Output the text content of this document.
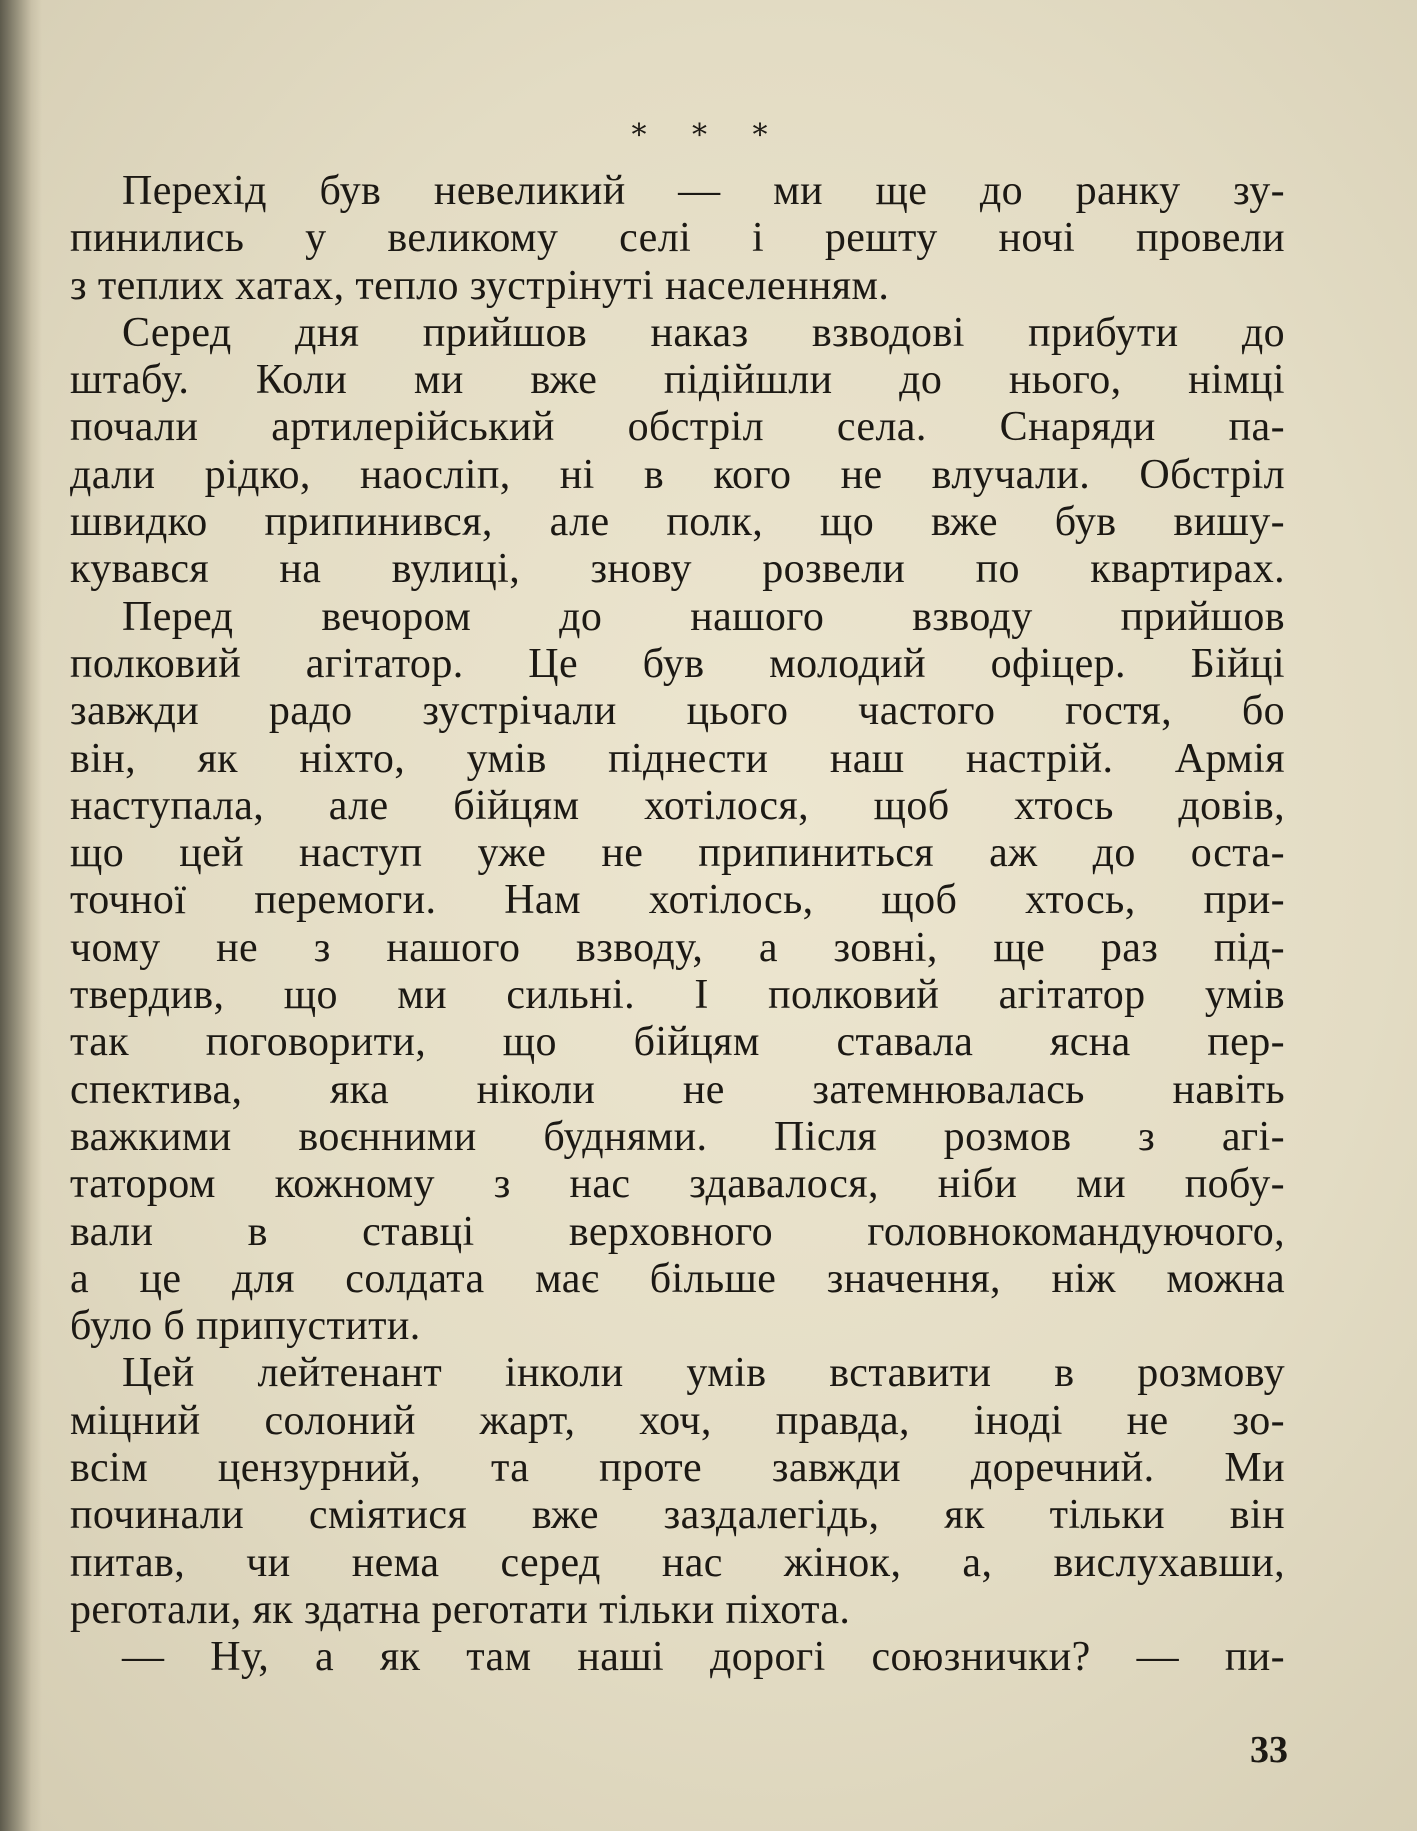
* * *
Перехід був невеликий — ми ще до ранку зу-
пинились у великому селі і решту ночі провели
з теплих хатах, тепло зустрінуті населенням.
Серед дня прийшов наказ взводові прибути до
штабу. Коли ми вже підійшли до нього, німці
почали артилерійський обстріл села. Снаряди па-
дали рідко, наосліп, ні в кого не влучали. Обстріл
швидко припинився, але полк, що вже був вишу-
кувався на вулиці, знову розвели по квартирах.
Перед вечором до нашого взводу прийшов
полковий агітатор. Це був молодий офіцер. Бійці
завжди радо зустрічали цього частого гостя, бо
він, як ніхто, умів піднести наш настрій. Армія
наступала, але бійцям хотілося, щоб хтось довів,
що цей наступ уже не припиниться аж до оста-
точної перемоги. Нам хотілось, щоб хтось, при-
чому не з нашого взводу, а зовні, ще раз під-
твердив, що ми сильні. І полковий агітатор умів
так поговорити, що бійцям ставала ясна пер-
спектива, яка ніколи не затемнювалась навіть
важкими воєнними буднями. Після розмов з агі-
татором кожному з нас здавалося, ніби ми побу-
вали в ставці верховного головнокомандуючого,
а це для солдата має більше значення, ніж можна
було б припустити.
Цей лейтенант інколи умів вставити в розмову
міцний солоний жарт, хоч, правда, іноді не зо-
всім цензурний, та проте завжди доречний. Ми
починали сміятися вже заздалегідь, як тільки він
питав, чи нема серед нас жінок, а, вислухавши,
реготали, як здатна реготати тільки піхота.
— Ну, а як там наші дорогі союзнички? — пи-
33
